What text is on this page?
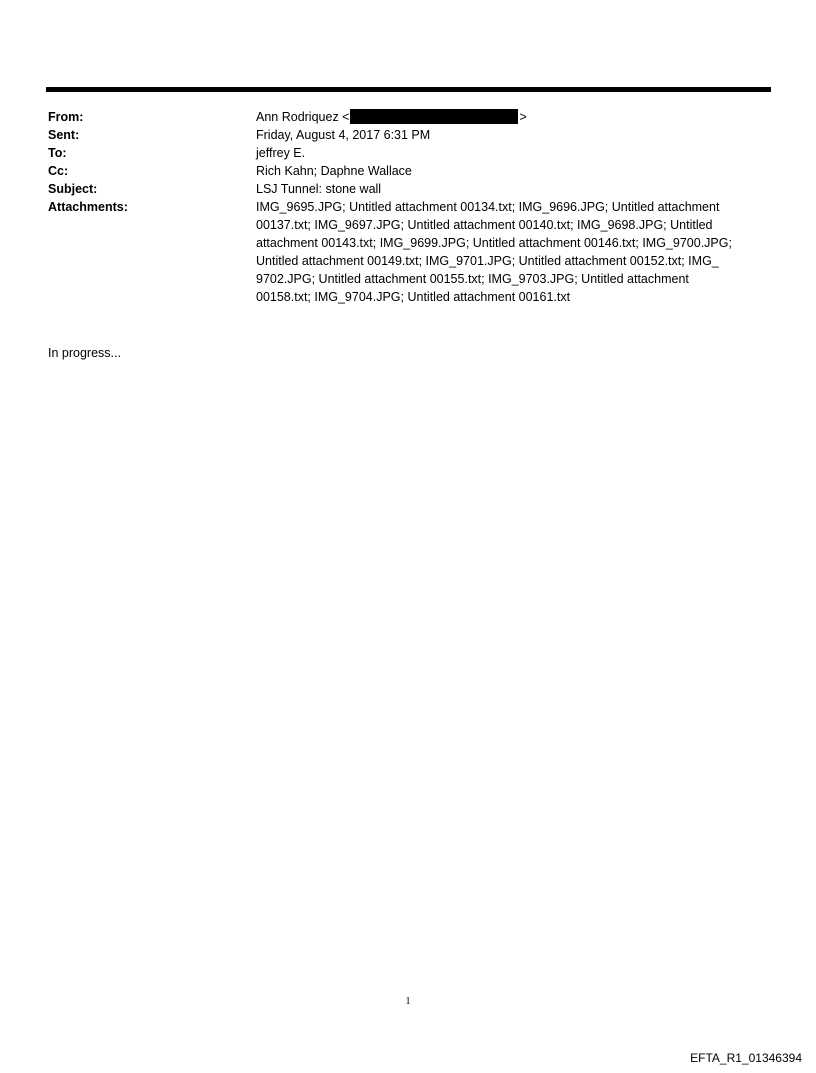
From:	Ann Rodriquez <	>
Sent:	Friday, August 4, 2017 6:31 PM
To:	jeffrey E.
Cc:	Rich Kahn; Daphne Wallace
Subject:	LSJ Tunnel: stone wall
Attachments:	IMG_9695.JPG; Untitled attachment 00134.txt; IMG_9696.JPG; Untitled attachment
00137.txt; IMG_9697.JPG; Untitled attachment 00140.txt; IMG_9698.JPG; Untitled
attachment 00143.txt; IMG_9699.JPG; Untitled attachment 00146.txt; IMG_9700.JPG;
Untitled attachment 00149.txt; IMG_9701.JPG; Untitled attachment 00152.txt; IMG_
9702.JPG; Untitled attachment 00155.txt; IMG_9703.JPG; Untitled attachment
00158.txt; IMG_9704.JPG; Untitled attachment 00161.txt
In progress...
1
EFTA_R1_01346394
